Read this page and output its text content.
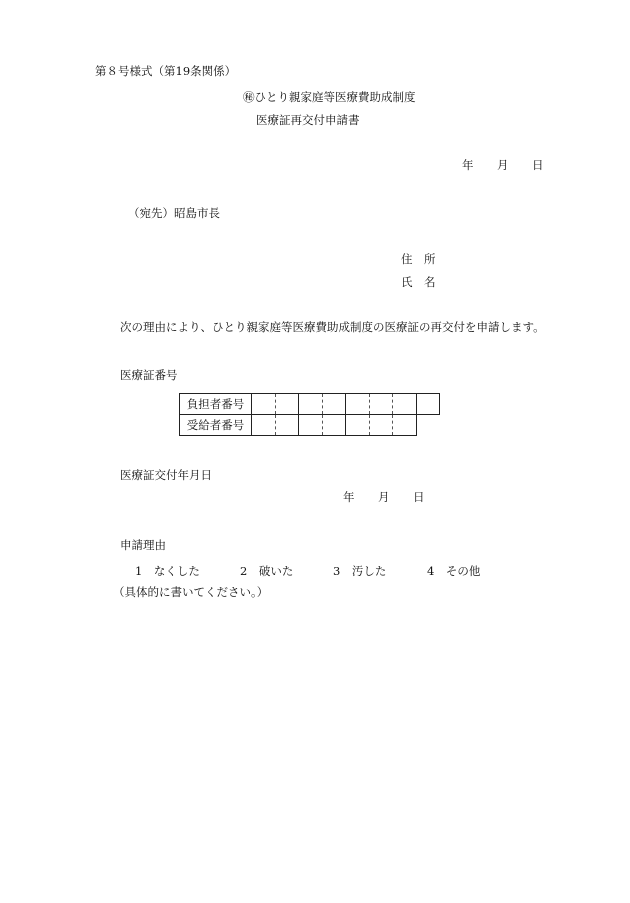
第８号様式（第19条関係）
㊙ひとり親家庭等医療費助成制度
医療証再交付申請書
年 月 日
（宛先）昭島市長
住　所
氏　名
次の理由により、ひとり親家庭等医療費助成制度の医療証の再交付を申請します。
医療証番号
負担者番号								
受給者番号								
医療証交付年月日
年 月 日
申請理由
1　なくした	2　破いた	3　汚した	4　その他
（具体的に書いてください。）
